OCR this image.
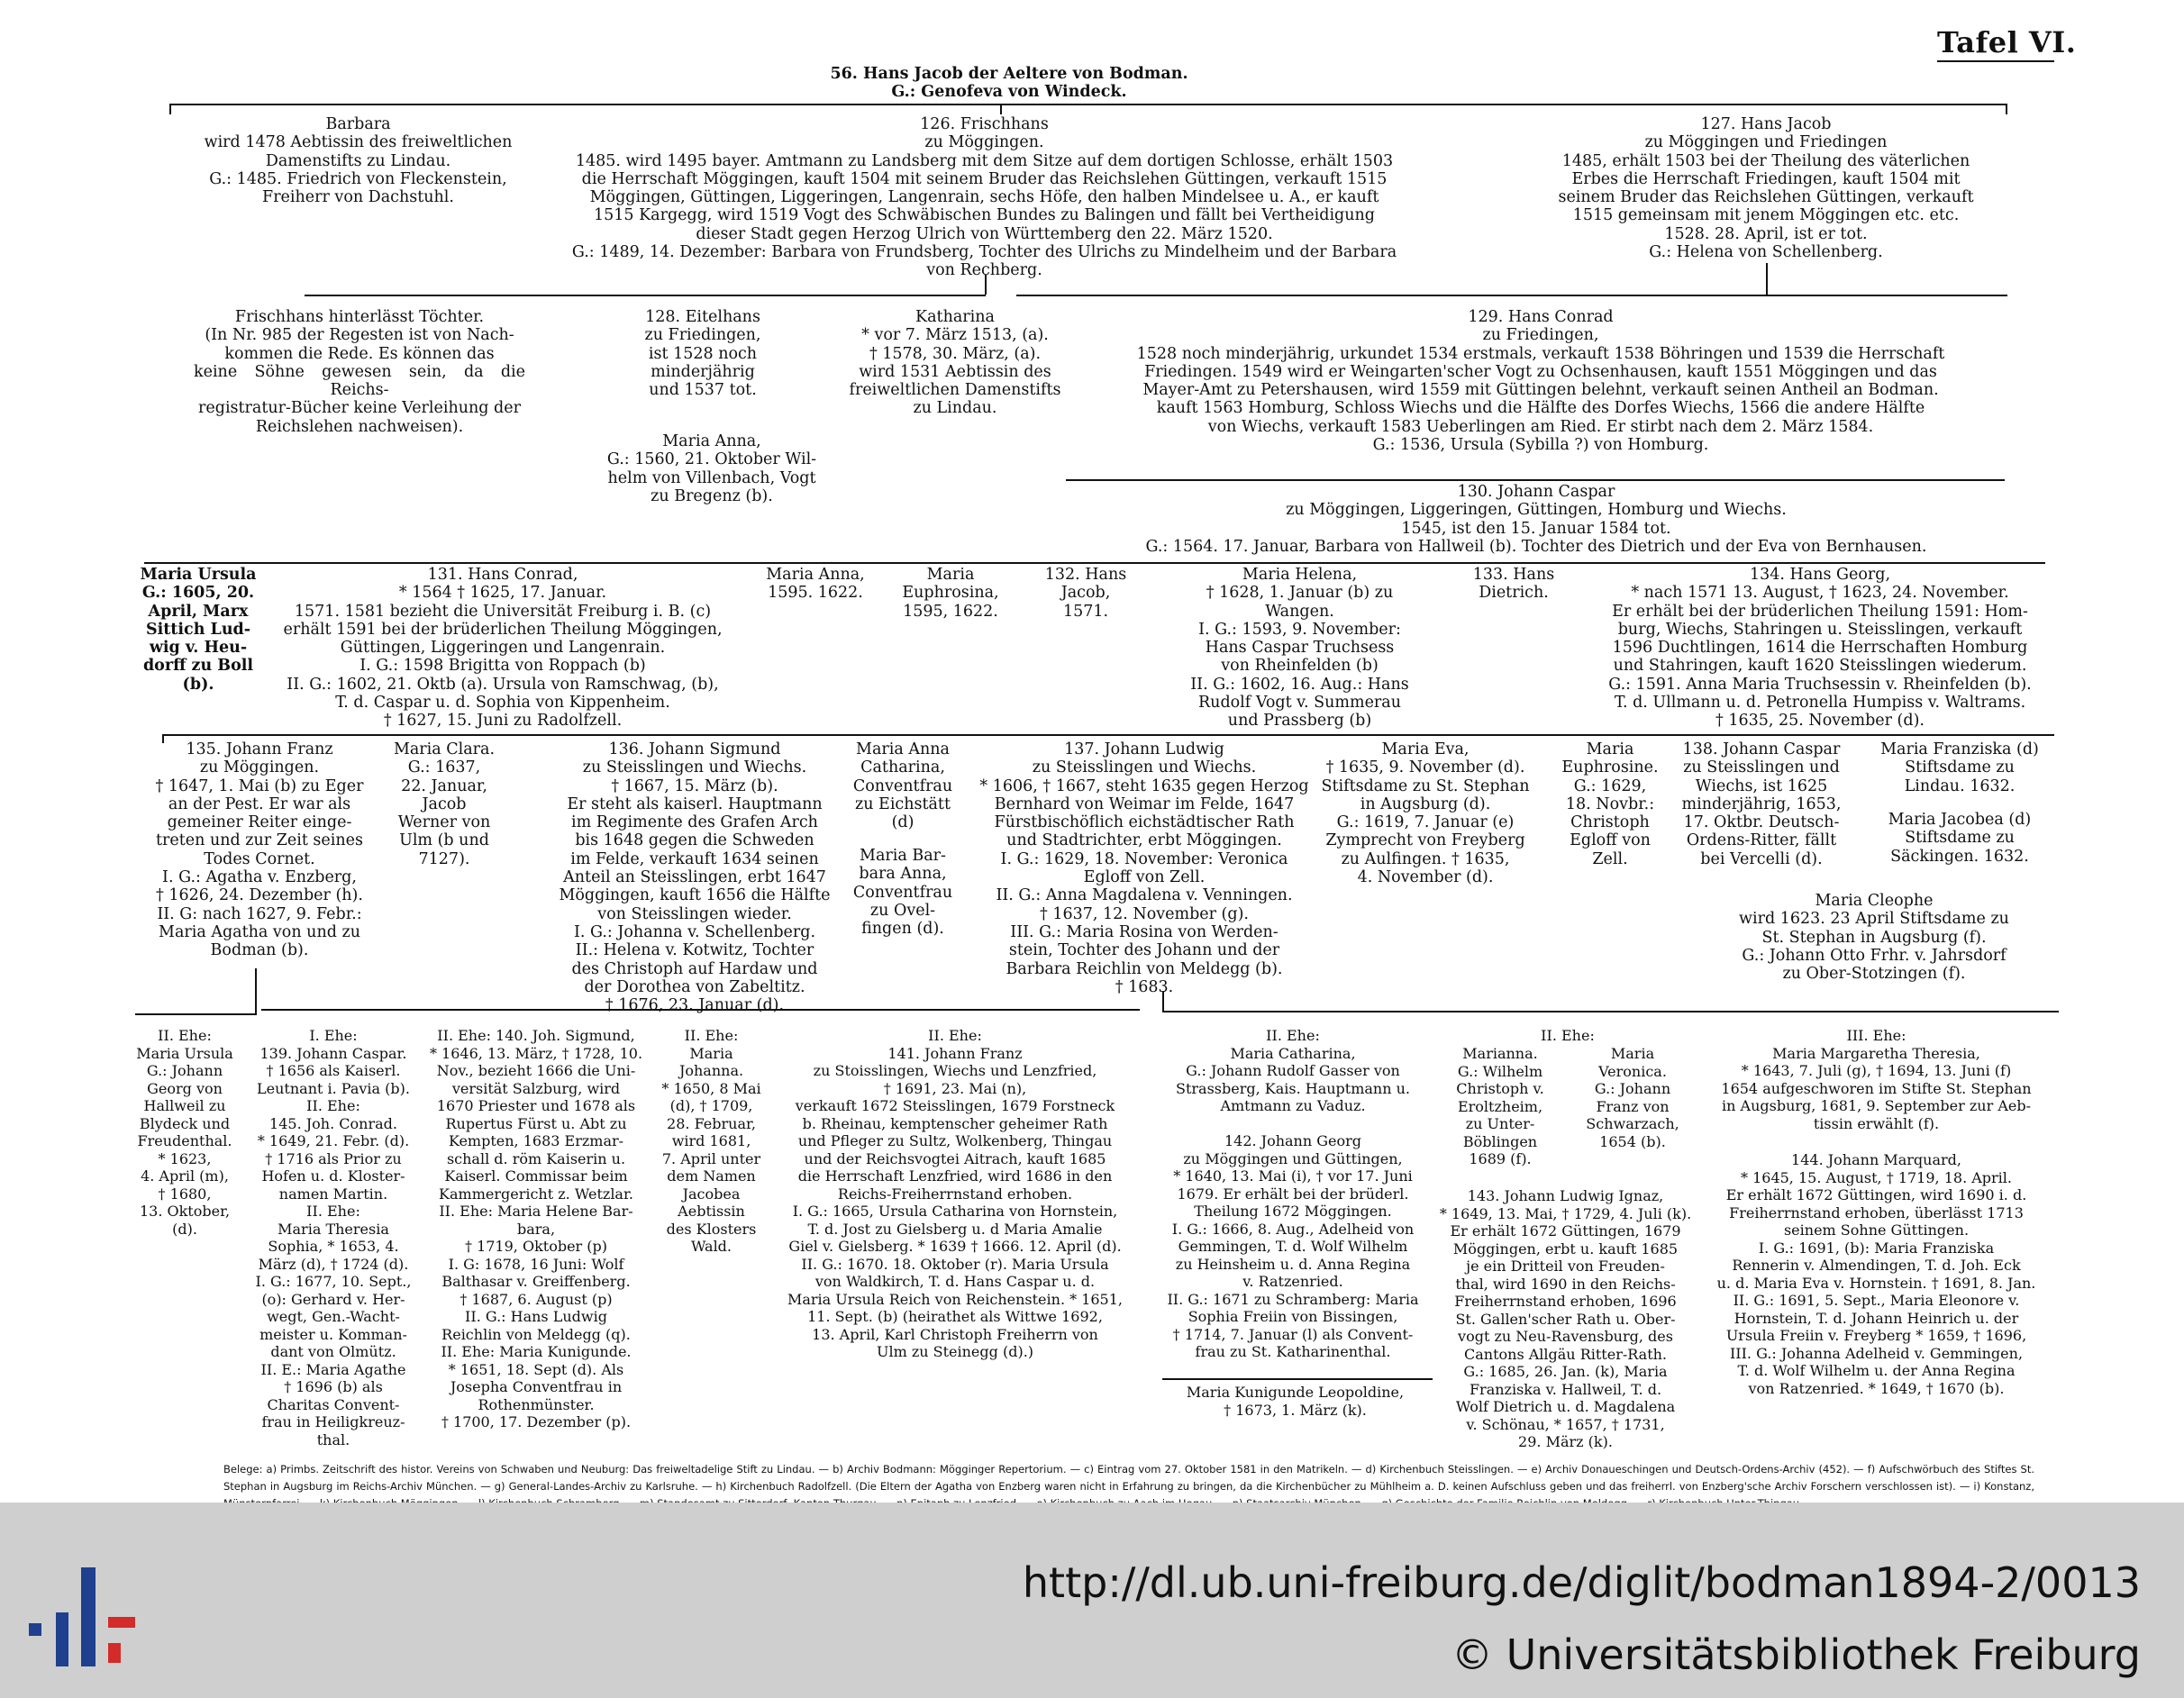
Tafel VI.
56. Hans Jacob der Aeltere von Bodman.
G.: Genofeva von Windeck.
Barbara
wird 1478 Aebtissin des freiweltlichen
Damenstifts zu Lindau.
G.: 1485. Friedrich von Fleckenstein,
Freiherr von Dachstuhl.
126. Frischhans
zu Möggingen.
1485. wird 1495 bayer. Amtmann zu Landsberg mit dem Sitze auf dem dortigen Schlosse, erhält 1503
die Herrschaft Möggingen, kauft 1504 mit seinem Bruder das Reichslehen Güttingen, verkauft 1515
Möggingen, Güttingen, Liggeringen, Langenrain, sechs Höfe, den halben Mindelsee u. A., er kauft
1515 Kargegg, wird 1519 Vogt des Schwäbischen Bundes zu Balingen und fällt bei Vertheidigung
dieser Stadt gegen Herzog Ulrich von Württemberg den 22. März 1520.
G.: 1489, 14. Dezember: Barbara von Frundsberg, Tochter des Ulrichs zu Mindelheim und der Barbara
von Rechberg.
127. Hans Jacob
zu Möggingen und Friedingen
1485, erhält 1503 bei der Theilung des väterlichen
Erbes die Herrschaft Friedingen, kauft 1504 mit
seinem Bruder das Reichslehen Güttingen, verkauft
1515 gemeinsam mit jenem Möggingen etc. etc.
1528. 28. April, ist er tot.
G.: Helena von Schellenberg.
Frischhans hinterlässt Töchter.
(In Nr. 985 der Regesten ist von Nach-
kommen die Rede. Es können das
keine Söhne gewesen sein, da die Reichs-
registratur-Bücher keine Verleihung der
Reichslehen nachweisen).
128. Eitelhans
zu Friedingen,
ist 1528 noch minderjährig
und 1537 tot.
Katharina
* vor 7. März 1513, (a).
† 1578, 30. März, (a).
wird 1531 Aebtissin des
freiweltlichen Damenstifts
zu Lindau.
Maria Anna,
G.: 1560, 21. Oktober Wil-
helm von Villenbach, Vogt
zu Bregenz (b).
129. Hans Conrad
zu Friedingen,
1528 noch minderjährig, urkundet 1534 erstmals, verkauft 1538 Böhringen und 1539 die Herrschaft
Friedingen. 1549 wird er Weingarten'scher Vogt zu Ochsenhausen, kauft 1551 Möggingen und das
Mayer-Amt zu Petershausen, wird 1559 mit Güttingen belehnt, verkauft seinen Antheil an Bodman.
kauft 1563 Homburg, Schloss Wiechs und die Hälfte des Dorfes Wiechs, 1566 die andere Hälfte
von Wiechs, verkauft 1583 Ueberlingen am Ried. Er stirbt nach dem 2. März 1584.
G.: 1536, Ursula (Sybilla ?) von Homburg.
130. Johann Caspar
zu Möggingen, Liggeringen, Güttingen, Homburg und Wiechs.
1545, ist den 15. Januar 1584 tot.
G.: 1564. 17. Januar, Barbara von Hallweil (b). Tochter des Dietrich und der Eva von Bernhausen.
Maria Ursula
G.: 1605, 20.
April, Marx
Sittich Lud-
wig v. Heu-
dorff zu Boll
(b).
131. Hans Conrad,
* 1564 † 1625, 17. Januar.
1571. 1581 bezieht die Universität Freiburg i. B. (c)
erhält 1591 bei der brüderlichen Theilung Möggingen,
Güttingen, Liggeringen und Langenrain.
I. G.: 1598 Brigitta von Roppach (b)
II. G.: 1602, 21. Oktb (a). Ursula von Ramschwag, (b),
T. d. Caspar u. d. Sophia von Kippenheim.
† 1627, 15. Juni zu Radolfzell.
Maria Anna,
1595. 1622.
Maria
Euphrosina,
1595, 1622.
132. Hans
Jacob,
1571.
Maria Helena,
† 1628, 1. Januar (b) zu
Wangen.
I. G.: 1593, 9. November:
Hans Caspar Truchsess
von Rheinfelden (b)
II. G.: 1602, 16. Aug.: Hans
Rudolf Vogt v. Summerau
und Prassberg (b)
133. Hans
Dietrich.
134. Hans Georg,
* nach 1571 13. August, † 1623, 24. November.
Er erhält bei der brüderlichen Theilung 1591: Hom-
burg, Wiechs, Stahringen u. Steisslingen, verkauft
1596 Duchtlingen, 1614 die Herrschaften Homburg
und Stahringen, kauft 1620 Steisslingen wiederum.
G.: 1591. Anna Maria Truchsessin v. Rheinfelden (b).
T. d. Ullmann u. d. Petronella Humpiss v. Waltrams.
† 1635, 25. November (d).
135. Johann Franz
zu Möggingen.
† 1647, 1. Mai (b) zu Eger
an der Pest. Er war als
gemeiner Reiter einge-
treten und zur Zeit seines
Todes Cornet.
I. G.: Agatha v. Enzberg,
† 1626, 24. Dezember (h).
II. G: nach 1627, 9. Febr.:
Maria Agatha von und zu
Bodman (b).
Maria Clara.
G.: 1637,
22. Januar,
Jacob
Werner von
Ulm (b und
7127).
136. Johann Sigmund
zu Steisslingen und Wiechs.
† 1667, 15. März (b).
Er steht als kaiserl. Hauptmann
im Regimente des Grafen Arch
bis 1648 gegen die Schweden
im Felde, verkauft 1634 seinen
Anteil an Steisslingen, erbt 1647
Möggingen, kauft 1656 die Hälfte
von Steisslingen wieder.
I. G.: Johanna v. Schellenberg.
II.: Helena v. Kotwitz, Tochter
des Christoph auf Hardaw und
der Dorothea von Zabeltitz.
† 1676, 23. Januar (d).
Maria Anna
Catharina,
Conventfrau
zu Eichstätt
(d)
Maria Bar-
bara Anna,
Conventfrau
zu Ovel-
fingen (d).
137. Johann Ludwig
zu Steisslingen und Wiechs.
* 1606, † 1667, steht 1635 gegen Herzog
Bernhard von Weimar im Felde, 1647
Fürstbischöflich eichstädtischer Rath
und Stadtrichter, erbt Möggingen.
I. G.: 1629, 18. November: Veronica
Egloff von Zell.
II. G.: Anna Magdalena v. Venningen.
† 1637, 12. November (g).
III. G.: Maria Rosina von Werden-
stein, Tochter des Johann und der
Barbara Reichlin von Meldegg (b).
† 1683.
Maria Eva,
† 1635, 9. November (d).
Stiftsdame zu St. Stephan
in Augsburg (d).
G.: 1619, 7. Januar (e)
Zymprecht von Freyberg
zu Aulfingen. † 1635,
4. November (d).
Maria
Euphrosine.
G.: 1629,
18. Novbr.:
Christoph
Egloff von
Zell.
138. Johann Caspar
zu Steisslingen und
Wiechs, ist 1625
minderjährig, 1653,
17. Oktbr. Deutsch-
Ordens-Ritter, fällt
bei Vercelli (d).
Maria Franziska (d)
Stiftsdame zu
Lindau. 1632.
Maria Jacobea (d)
Stiftsdame zu
Säckingen. 1632.
Maria Cleophe
wird 1623. 23 April Stiftsdame zu
St. Stephan in Augsburg (f).
G.: Johann Otto Frhr. v. Jahrsdorf
zu Ober-Stotzingen (f).
II. Ehe:
Maria Ursula
G.: Johann
Georg von
Hallweil zu
Blydeck und
Freudenthal.
* 1623,
4. April (m),
† 1680,
13. Oktober,
(d).
I. Ehe:
139. Johann Caspar.
† 1656 als Kaiserl.
Leutnant i. Pavia (b).
II. Ehe:
145. Joh. Conrad.
* 1649, 21. Febr. (d).
† 1716 als Prior zu
Hofen u. d. Kloster-
namen Martin.
II. Ehe:
Maria Theresia
Sophia, * 1653, 4.
März (d), † 1724 (d).
I. G.: 1677, 10. Sept.,
(o): Gerhard v. Her-
wegt, Gen.-Wacht-
meister u. Komman-
dant von Olmütz.
II. E.: Maria Agathe
† 1696 (b) als
Charitas Convent-
frau in Heiligkreuz-
thal.
II. Ehe: 140. Joh. Sigmund,
* 1646, 13. März, † 1728, 10.
Nov., bezieht 1666 die Uni-
versität Salzburg, wird
1670 Priester und 1678 als
Rupertus Fürst u. Abt zu
Kempten, 1683 Erzmar-
schall d. röm Kaiserin u.
Kaiserl. Commissar beim
Kammergericht z. Wetzlar.
II. Ehe: Maria Helene Bar-
bara,
† 1719, Oktober (p)
I. G: 1678, 16 Juni: Wolf
Balthasar v. Greiffenberg.
† 1687, 6. August (p)
II. G.: Hans Ludwig
Reichlin von Meldegg (q).
II. Ehe: Maria Kunigunde.
* 1651, 18. Sept (d). Als
Josepha Conventfrau in
Rothenmünster.
† 1700, 17. Dezember (p).
II. Ehe:
Maria
Johanna.
* 1650, 8 Mai
(d), † 1709,
28. Februar,
wird 1681,
7. April unter
dem Namen
Jacobea
Aebtissin
des Klosters
Wald.
II. Ehe:
141. Johann Franz
zu Stoisslingen, Wiechs und Lenzfried,
† 1691, 23. Mai (n),
verkauft 1672 Steisslingen, 1679 Forstneck
b. Rheinau, kemptenscher geheimer Rath
und Pfleger zu Sultz, Wolkenberg, Thingau
und der Reichsvogtei Aitrach, kauft 1685
die Herrschaft Lenzfried, wird 1686 in den
Reichs-Freiherrnstand erhoben.
I. G.: 1665, Ursula Catharina von Hornstein,
T. d. Jost zu Gielsberg u. d Maria Amalie
Giel v. Gielsberg. * 1639 † 1666. 12. April (d).
II. G.: 1670. 18. Oktober (r). Maria Ursula
von Waldkirch, T. d. Hans Caspar u. d.
Maria Ursula Reich von Reichenstein. * 1651,
11. Sept. (b) (heirathet als Wittwe 1692,
13. April, Karl Christoph Freiherrn von
Ulm zu Steinegg (d).)
II. Ehe:
Maria Catharina,
G.: Johann Rudolf Gasser von
Strassberg, Kais. Hauptmann u.
Amtmann zu Vaduz.

142. Johann Georg
zu Möggingen und Güttingen,
* 1640, 13. Mai (i), † vor 17. Juni
1679. Er erhält bei der brüderl.
Theilung 1672 Möggingen.
I. G.: 1666, 8. Aug., Adelheid von
Gemmingen, T. d. Wolf Wilhelm
zu Heinsheim u. d. Anna Regina
v. Ratzenried.
II. G.: 1671 zu Schramberg: Maria
Sophia Freiin von Bissingen,
† 1714, 7. Januar (l) als Convent-
frau zu St. Katharinenthal.
Maria Kunigunde Leopoldine,
† 1673, 1. März (k).
II. Ehe:
Marianna.
G.: Wilhelm
Christoph v.
Eroltzheim,
zu Unter-
Böblingen
1689 (f).
Maria
Veronica.
G.: Johann
Franz von
Schwarzach,
1654 (b).
143. Johann Ludwig Ignaz,
* 1649, 13. Mai, † 1729, 4. Juli (k).
Er erhält 1672 Güttingen, 1679
Möggingen, erbt u. kauft 1685
je ein Dritteil von Freuden-
thal, wird 1690 in den Reichs-
Freiherrnstand erhoben, 1696
St. Gallen'scher Rath u. Ober-
vogt zu Neu-Ravensburg, des
Cantons Allgäu Ritter-Rath.
G.: 1685, 26. Jan. (k), Maria
Franziska v. Hallweil, T. d.
Wolf Dietrich u. d. Magdalena
v. Schönau, * 1657, † 1731,
29. März (k).
III. Ehe:
Maria Margaretha Theresia,
* 1643, 7. Juli (g), † 1694, 13. Juni (f)
1654 aufgeschworen im Stifte St. Stephan
in Augsburg, 1681, 9. September zur Aeb-
tissin erwählt (f).
144. Johann Marquard,
* 1645, 15. August, † 1719, 18. April.
Er erhält 1672 Güttingen, wird 1690 i. d.
Freiherrnstand erhoben, überlässt 1713
seinem Sohne Güttingen.
I. G.: 1691, (b): Maria Franziska
Rennerin v. Almendingen, T. d. Joh. Eck
u. d. Maria Eva v. Hornstein. † 1691, 8. Jan.
II. G.: 1691, 5. Sept., Maria Eleonore v.
Hornstein, T. d. Johann Heinrich u. der
Ursula Freiin v. Freyberg * 1659, † 1696,
III. G.: Johanna Adelheid v. Gemmingen,
T. d. Wolf Wilhelm u. der Anna Regina
von Ratzenried. * 1649, † 1670 (b).
Belege: a) Primbs. Zeitschrift des histor. Vereins von Schwaben und Neuburg: Das freiweltadelige Stift zu Lindau. — b) Archiv Bodmann: Mögginger Repertorium. — c) Eintrag vom 27. Oktober 1581 in den Matrikeln. — d) Kirchenbuch Steisslingen. — e) Archiv Donaueschingen und Deutsch-Ordens-Archiv (452). — f) Aufschwörbuch des Stiftes St. Stephan in Augsburg im Reichs-Archiv München. — g) General-Landes-Archiv zu Karlsruhe. — h) Kirchenbuch Radolfzell. (Die Eltern der Agatha von Enzberg waren nicht in Erfahrung zu bringen, da die Kirchenbücher zu Mühlheim a. D. keinen Aufschluss geben und das freiherrl. von Enzberg'sche Archiv Forschern verschlossen ist). — i) Konstanz,
http://dl.ub.uni-freiburg.de/diglit/bodman1894-2/0013
© Universitätsbibliothek Freiburg
